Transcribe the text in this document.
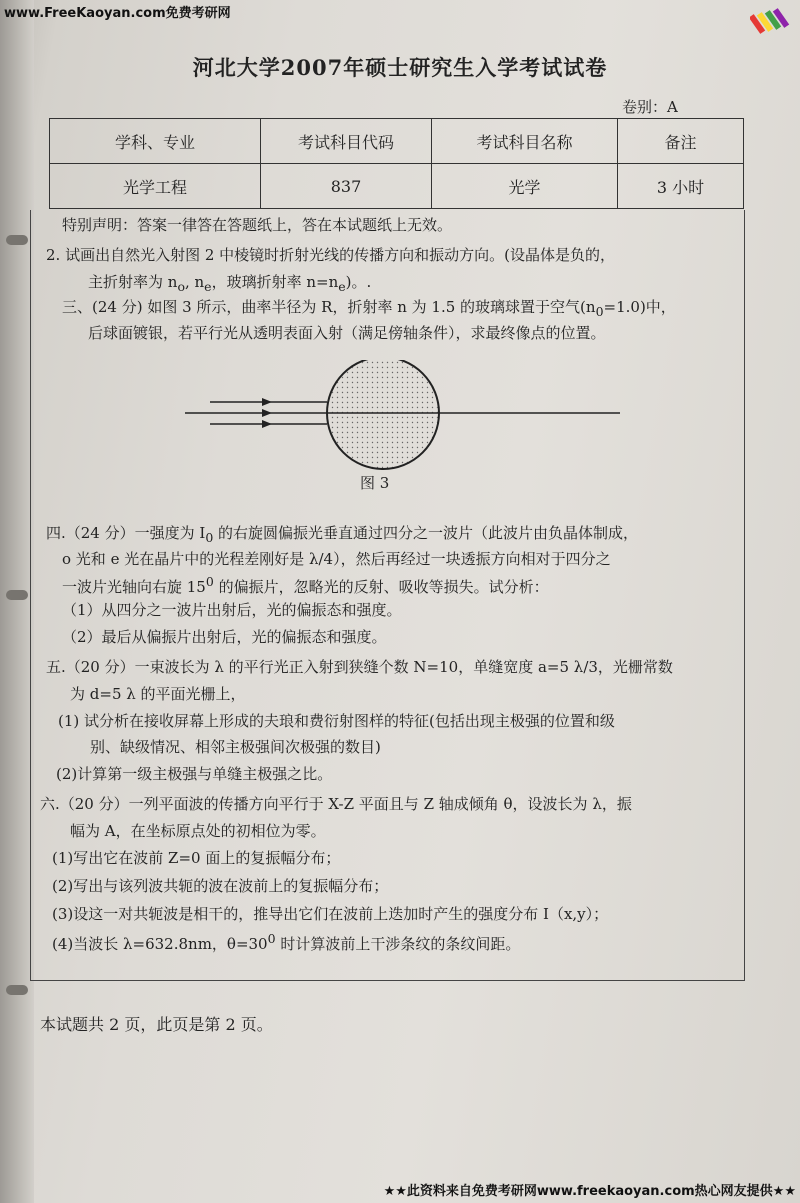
www.FreeKaoyan.com免费考研网
河北大学2007年硕士研究生入学考试试卷
卷别：A
学科、专业	考试科目代码	考试科目名称	备注
光学工程	837	光学	3 小时
特别声明：答案一律答在答题纸上，答在本试题纸上无效。
2. 试画出自然光入射图 2 中棱镜时折射光线的传播方向和振动方向。(设晶体是负的，
主折射率为 $n_o$, $n_e$，玻璃折射率 $n=n_e$)。.
三、(24 分) 如图 3 所示，曲率半径为 R，折射率 n 为 1.5 的玻璃球置于空气$(n_0=1.0)$中，
后球面镀银，若平行光从透明表面入射（满足傍轴条件），求最终像点的位置。
图 3
四.（24 分）一强度为 $I_0$ 的右旋圆偏振光垂直通过四分之一波片（此波片由负晶体制成，
o 光和 e 光在晶片中的光程差刚好是 λ/4），然后再经过一块透振方向相对于四分之
一波片光轴向右旋 $15^0$ 的偏振片，忽略光的反射、吸收等损失。试分析：
（1）从四分之一波片出射后，光的偏振态和强度。
（2）最后从偏振片出射后，光的偏振态和强度。
五.（20 分）一束波长为 λ 的平行光正入射到狭缝个数 N=10，单缝宽度 a=5 λ/3，光栅常数
为 d=5 λ 的平面光栅上，
(1) 试分析在接收屏幕上形成的夫琅和费衍射图样的特征(包括出现主极强的位置和级
别、缺级情况、相邻主极强间次极强的数目)
(2)计算第一级主极强与单缝主极强之比。
六.（20 分）一列平面波的传播方向平行于 X-Z 平面且与 Z 轴成倾角 θ，设波长为 λ，振
幅为 A，在坐标原点处的初相位为零。
(1)写出它在波前 Z=0 面上的复振幅分布；
(2)写出与该列波共轭的波在波前上的复振幅分布；
(3)设这一对共轭波是相干的，推导出它们在波前上迭加时产生的强度分布 I（x,y）；
(4)当波长 λ=632.8nm，$\theta=30^0$ 时计算波前上干涉条纹的条纹间距。
本试题共 2 页，此页是第 2 页。
★★此资料来自免费考研网www.freekaoyan.com热心网友提供★★
